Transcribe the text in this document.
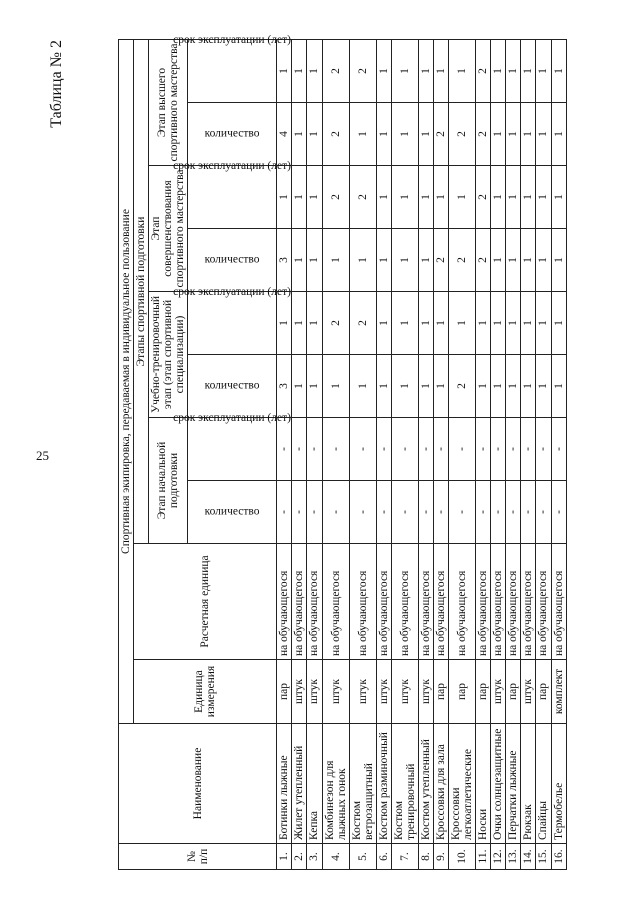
25
Таблица № 2
№ п/п	Наименование	Спортивная экипировка, передаваемая в индивидуальное пользование									
		Единица измерения	Расчетная единица	Этапы спортивной подготовки							
				Этап начальной подготовки		Учебно-тренировочный этап (этап спортивной специализации)		Этап совершенствования спортивного мастерства		Этап высшего спортивного мастерства	
				количество	срок эксплуатации (лет)	количество	срок эксплуатации (лет)	количество	срок эксплуатации (лет)	количество	срок эксплуатации (лет)
1.	Ботинки лыжные	пар	на обучающегося	-	-	3	1	3	1	4	1
2.	Жилет утепленный	штук	на обучающегося	-	-	1	1	1	1	1	1
3.	Кепка	штук	на обучающегося	-	-	1	1	1	1	1	1
4.	Комбинезон для лыжных гонок	штук	на обучающегося	-	-	1	2	1	2	2	2
5.	Костюм ветрозащитный	штук	на обучающегося	-	-	1	2	1	2	1	2
6.	Костюм разминочный	штук	на обучающегося	-	-	1	1	1	1	1	1
7.	Костюм тренировочный	штук	на обучающегося	-	-	1	1	1	1	1	1
8.	Костюм утепленный	штук	на обучающегося	-	-	1	1	1	1	1	1
9.	Кроссовки для зала	пар	на обучающегося	-	-	1	1	2	1	2	1
10.	Кроссовки легкоатлетические	пар	на обучающегося	-	-	2	1	2	1	2	1
11.	Носки	пар	на обучающегося	-	-	1	1	2	2	2	2
12.	Очки солнцезащитные	штук	на обучающегося	-	-	1	1	1	1	1	1
13.	Перчатки лыжные	пар	на обучающегося	-	-	1	1	1	1	1	1
14.	Рюкзак	штук	на обучающегося	-	-	1	1	1	1	1	1
15.	Спайцы	пар	на обучающегося	-	-	1	1	1	1	1	1
16.	Термобелье	комплект	на обучающегося	-	-	1	1	1	1	1	1
